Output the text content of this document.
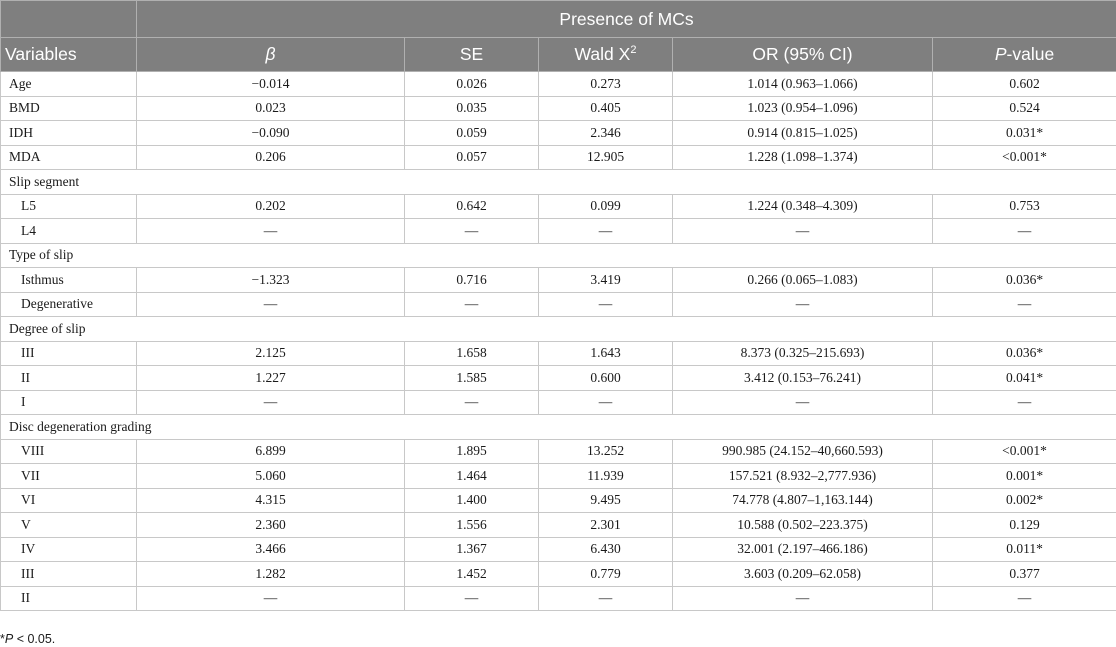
	Presence of MCs				
Variables	β	SE	Wald $X^2$	OR (95% CI)	P-value
Age	−0.014	0.026	0.273	1.014 (0.963–1.066)	0.602
BMD	0.023	0.035	0.405	1.023 (0.954–1.096)	0.524
IDH	−0.090	0.059	2.346	0.914 (0.815–1.025)	0.031*
MDA	0.206	0.057	12.905	1.228 (1.098–1.374)	<0.001*
Slip segment					
L5	0.202	0.642	0.099	1.224 (0.348–4.309)	0.753
L4	—	—	—	—	—
Type of slip					
Isthmus	−1.323	0.716	3.419	0.266 (0.065–1.083)	0.036*
Degenerative	—	—	—	—	—
Degree of slip					
III	2.125	1.658	1.643	8.373 (0.325–215.693)	0.036*
II	1.227	1.585	0.600	3.412 (0.153–76.241)	0.041*
I	—	—	—	—	—
Disc degeneration grading					
VIII	6.899	1.895	13.252	990.985 (24.152–40,660.593)	<0.001*
VII	5.060	1.464	11.939	157.521 (8.932–2,777.936)	0.001*
VI	4.315	1.400	9.495	74.778 (4.807–1,163.144)	0.002*
V	2.360	1.556	2.301	10.588 (0.502–223.375)	0.129
IV	3.466	1.367	6.430	32.001 (2.197–466.186)	0.011*
III	1.282	1.452	0.779	3.603 (0.209–62.058)	0.377
II	—	—	—	—	—
*P < 0.05.
